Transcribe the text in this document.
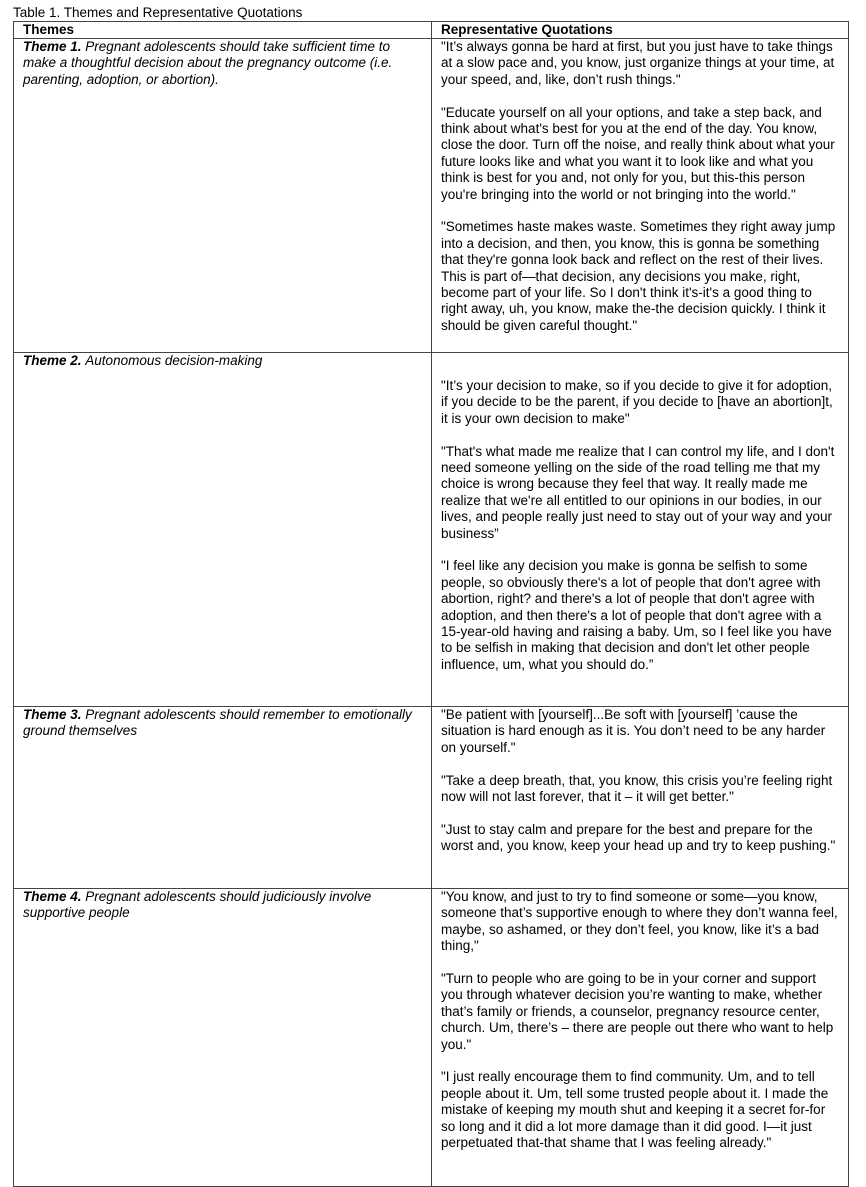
Table 1. Themes and Representative Quotations
Themes	Representative Quotations
Theme 1. Pregnant adolescents should take sufficient time to make a thoughtful decision about the pregnancy outcome (i.e. parenting, adoption, or abortion).	"It’s always gonna be hard at first, but you just have to take things at a slow pace and, you know, just organize things at your time, at your speed, and, like, don’t rush things."

"Educate yourself on all your options, and take a step back, and think about what's best for you at the end of the day. You know, close the door. Turn off the noise, and really think about what your future looks like and what you want it to look like and what you think is best for you and, not only for you, but this-this person you're bringing into the world or not bringing into the world."

"Sometimes haste makes waste. Sometimes they right away jump into a decision, and then, you know, this is gonna be something that they're gonna look back and reflect on the rest of their lives. This is part of—that decision, any decisions you make, right, become part of your life. So I don't think it's-it's a good thing to right away, uh, you know, make the-the decision quickly. I think it should be given careful thought."

Theme 2. Autonomous decision-making	"It’s your decision to make, so if you decide to give it for adoption, if you decide to be the parent, if you decide to [have an abortion]t, it is your own decision to make"

"That's what made me realize that I can control my life, and I don't need someone yelling on the side of the road telling me that my choice is wrong because they feel that way. It really made me realize that we're all entitled to our opinions in our bodies, in our lives, and people really just need to stay out of your way and your business”

"I feel like any decision you make is gonna be selfish to some people, so obviously there's a lot of people that don't agree with abortion, right? and there's a lot of people that don't agree with adoption, and then there's a lot of people that don't agree with a 15-year-old having and raising a baby. Um, so I feel like you have to be selfish in making that decision and don't let other people influence, um, what you should do.”

Theme 3. Pregnant adolescents should remember to emotionally ground themselves	"Be patient with [yourself]...Be soft with [yourself] ’cause the situation is hard enough as it is. You don’t need to be any harder on yourself."

"Take a deep breath, that, you know, this crisis you’re feeling right now will not last forever, that it – it will get better."

"Just to stay calm and prepare for the best and prepare for the worst and, you know, keep your head up and try to keep pushing."

Theme 4. Pregnant adolescents should judiciously involve supportive people	"You know, and just to try to find someone or some—you know, someone that’s supportive enough to where they don’t wanna feel, maybe, so ashamed, or they don’t feel, you know, like it’s a bad thing,"

"Turn to people who are going to be in your corner and support you through whatever decision you’re wanting to make, whether that’s family or friends, a counselor, pregnancy resource center, church. Um, there’s – there are people out there who want to help you."

"I just really encourage them to find community. Um, and to tell people about it. Um, tell some trusted people about it. I made the mistake of keeping my mouth shut and keeping it a secret for-for so long and it did a lot more damage than it did good. I—it just perpetuated that-that shame that I was feeling already."
